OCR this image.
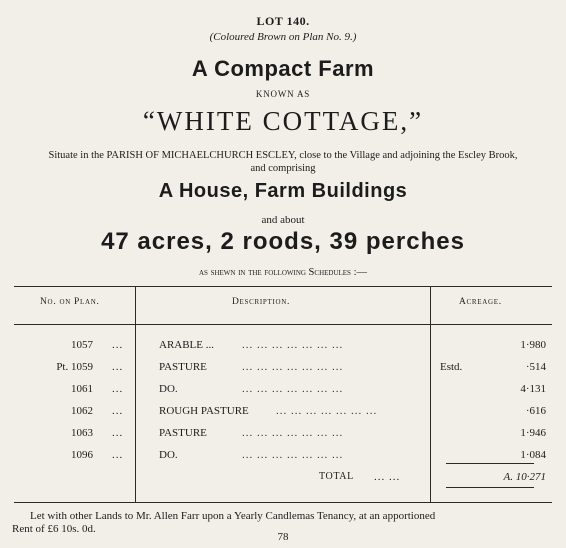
LOT 140.
(Coloured Brown on Plan No. 9.)
A Compact Farm
KNOWN AS
“WHITE COTTAGE,”
Situate in the PARISH OF MICHAELCHURCH ESCLEY, close to the Village and adjoining the Escley Brook,
and comprising
A House, Farm Buildings
and about
47 acres, 2 roods, 39 perches
as shewn in the following Schedules :—
No. on Plan.	Description.	Acreage.
1057 ...	ARABLE ...	... ... ... ... ... ... ...	1·980
Pt. 1059 ...	PASTURE	... ... ... ... ... ... ...	Estd.	·514
1061 ...	DO.	... ... ... ... ... ... ...	4·131
1062 ...	ROUGH PASTURE ... ... ... ... ... ... ...	·616
1063 ...	PASTURE	... ... ... ... ... ... ...	1·946
1096 ...	DO.	... ... ... ... ... ... ...	1·084
TOTAL ... ...	A. 10·271
Let with other Lands to Mr. Allen Farr upon a Yearly Candlemas Tenancy, at an apportioned
Rent of £6 10s. 0d.
78
